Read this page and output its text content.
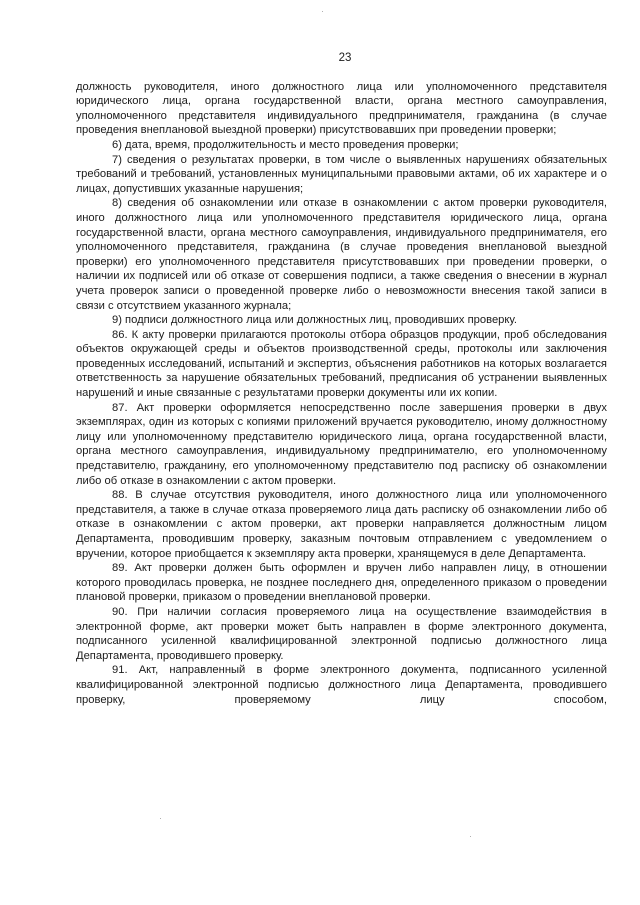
23

должность руководителя, иного должностного лица или уполномоченного представителя юридического лица, органа государственной власти, органа местного самоуправления, уполномоченного представителя индивидуального предпринимателя, гражданина (в случае проведения внеплановой выездной проверки) присутствовавших при проведении проверки;

6) дата, время, продолжительность и место проведения проверки;

7) сведения о результатах проверки, в том числе о выявленных нарушениях обязательных требований и требований, установленных муниципальными правовыми актами, об их характере и о лицах, допустивших указанные нарушения;

8) сведения об ознакомлении или отказе в ознакомлении с актом проверки руководителя, иного должностного лица или уполномоченного представителя юридического лица, органа государственной власти, органа местного самоуправления, индивидуального предпринимателя, его уполномоченного представителя, гражданина (в случае проведения внеплановой выездной проверки) его уполномоченного представителя присутствовавших при проведении проверки, о наличии их подписей или об отказе от совершения подписи, а также сведения о внесении в журнал учета проверок записи о проведенной проверке либо о невозможности внесения такой записи в связи с отсутствием указанного журнала;

9) подписи должностного лица или должностных лиц, проводивших проверку.

86. К акту проверки прилагаются протоколы отбора образцов продукции, проб обследования объектов окружающей среды и объектов производственной среды, протоколы или заключения проведенных исследований, испытаний и экспертиз, объяснения работников на которых возлагается ответственность за нарушение обязательных требований, предписания об устранении выявленных нарушений и иные связанные с результатами проверки документы или их копии.

87. Акт проверки оформляется непосредственно после завершения проверки в двух экземплярах, один из которых с копиями приложений вручается руководителю, иному должностному лицу или уполномоченному представителю юридического лица, органа государственной власти, органа местного самоуправления, индивидуальному предпринимателю, его уполномоченному представителю, гражданину, его уполномоченному представителю под расписку об ознакомлении либо об отказе в ознакомлении с актом проверки.

88. В случае отсутствия руководителя, иного должностного лица или уполномоченного представителя, а также в случае отказа проверяемого лица дать расписку об ознакомлении либо об отказе в ознакомлении с актом проверки, акт проверки направляется должностным лицом Департамента, проводившим проверку, заказным почтовым отправлением с уведомлением о вручении, которое приобщается к экземпляру акта проверки, хранящемуся в деле Департамента.

89. Акт проверки должен быть оформлен и вручен либо направлен лицу, в отношении которого проводилась проверка, не позднее последнего дня, определенного приказом о проведении плановой проверки, приказом о проведении внеплановой проверки.

90. При наличии согласия проверяемого лица на осуществление взаимодействия в электронной форме, акт проверки может быть направлен в форме электронного документа, подписанного усиленной квалифицированной электронной подписью должностного лица Департамента, проводившего проверку.

91. Акт, направленный в форме электронного документа, подписанного усиленной квалифицированной электронной подписью должностного лица Департамента, проводившего проверку, проверяемому лицу способом,
